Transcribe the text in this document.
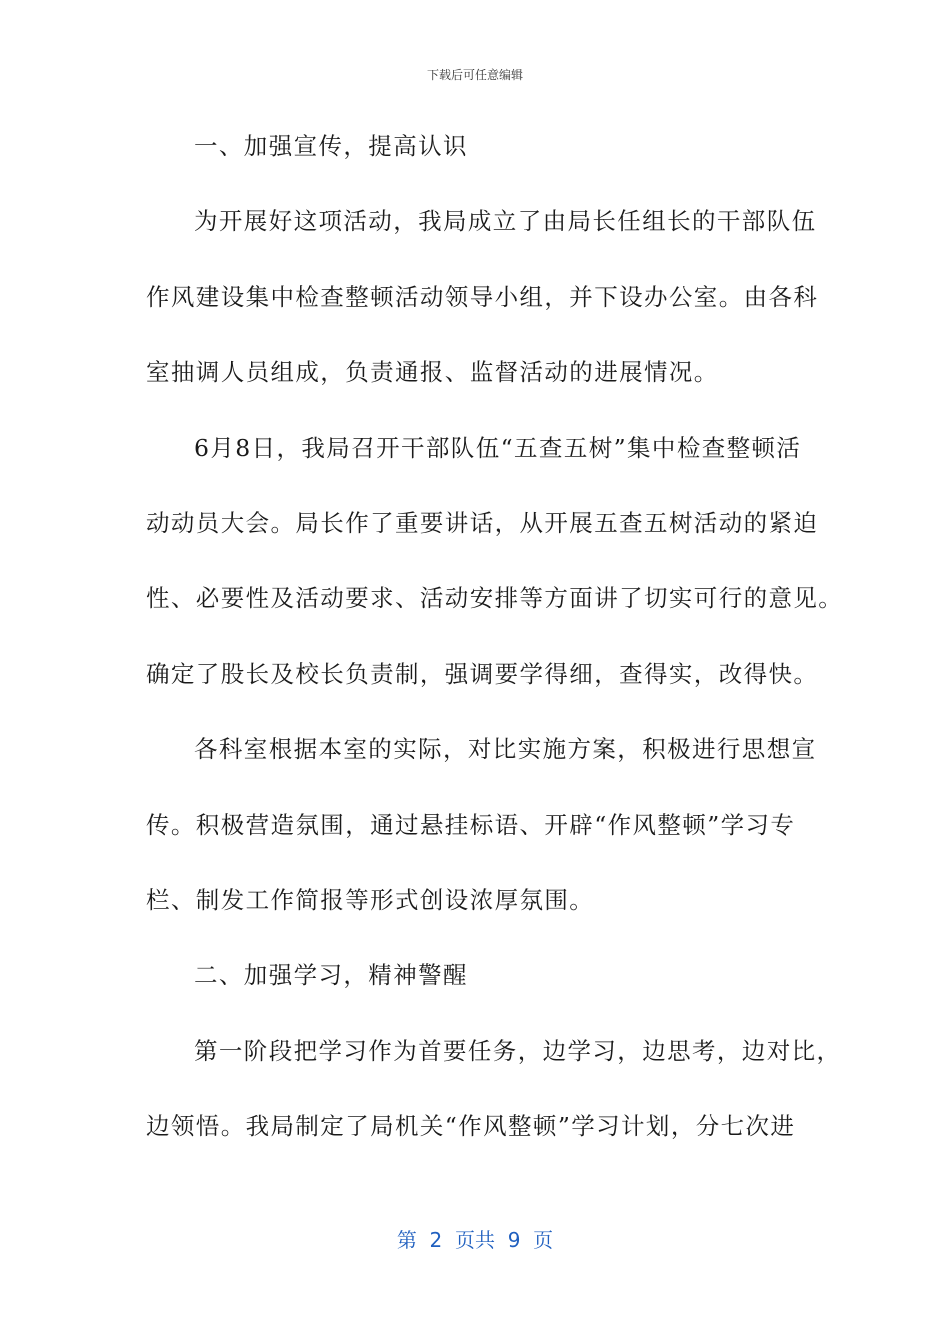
下载后可任意编辑
一、加强宣传，提高认识
为开展好这项活动，我局成立了由局长任组长的干部队伍
作风建设集中检查整顿活动领导小组，并下设办公室。由各科
室抽调人员组成，负责通报、监督活动的进展情况。
6月8日，我局召开干部队伍“五查五树”集中检查整顿活
动动员大会。局长作了重要讲话，从开展五查五树活动的紧迫
性、必要性及活动要求、活动安排等方面讲了切实可行的意见。
确定了股长及校长负责制，强调要学得细，查得实，改得快。
各科室根据本室的实际，对比实施方案，积极进行思想宣
传。积极营造氛围，通过悬挂标语、开辟“作风整顿”学习专
栏、制发工作简报等形式创设浓厚氛围。
二、加强学习，精神警醒
第一阶段把学习作为首要任务，边学习，边思考，边对比，
边领悟。我局制定了局机关“作风整顿”学习计划，分七次进
第  2  页共  9  页
